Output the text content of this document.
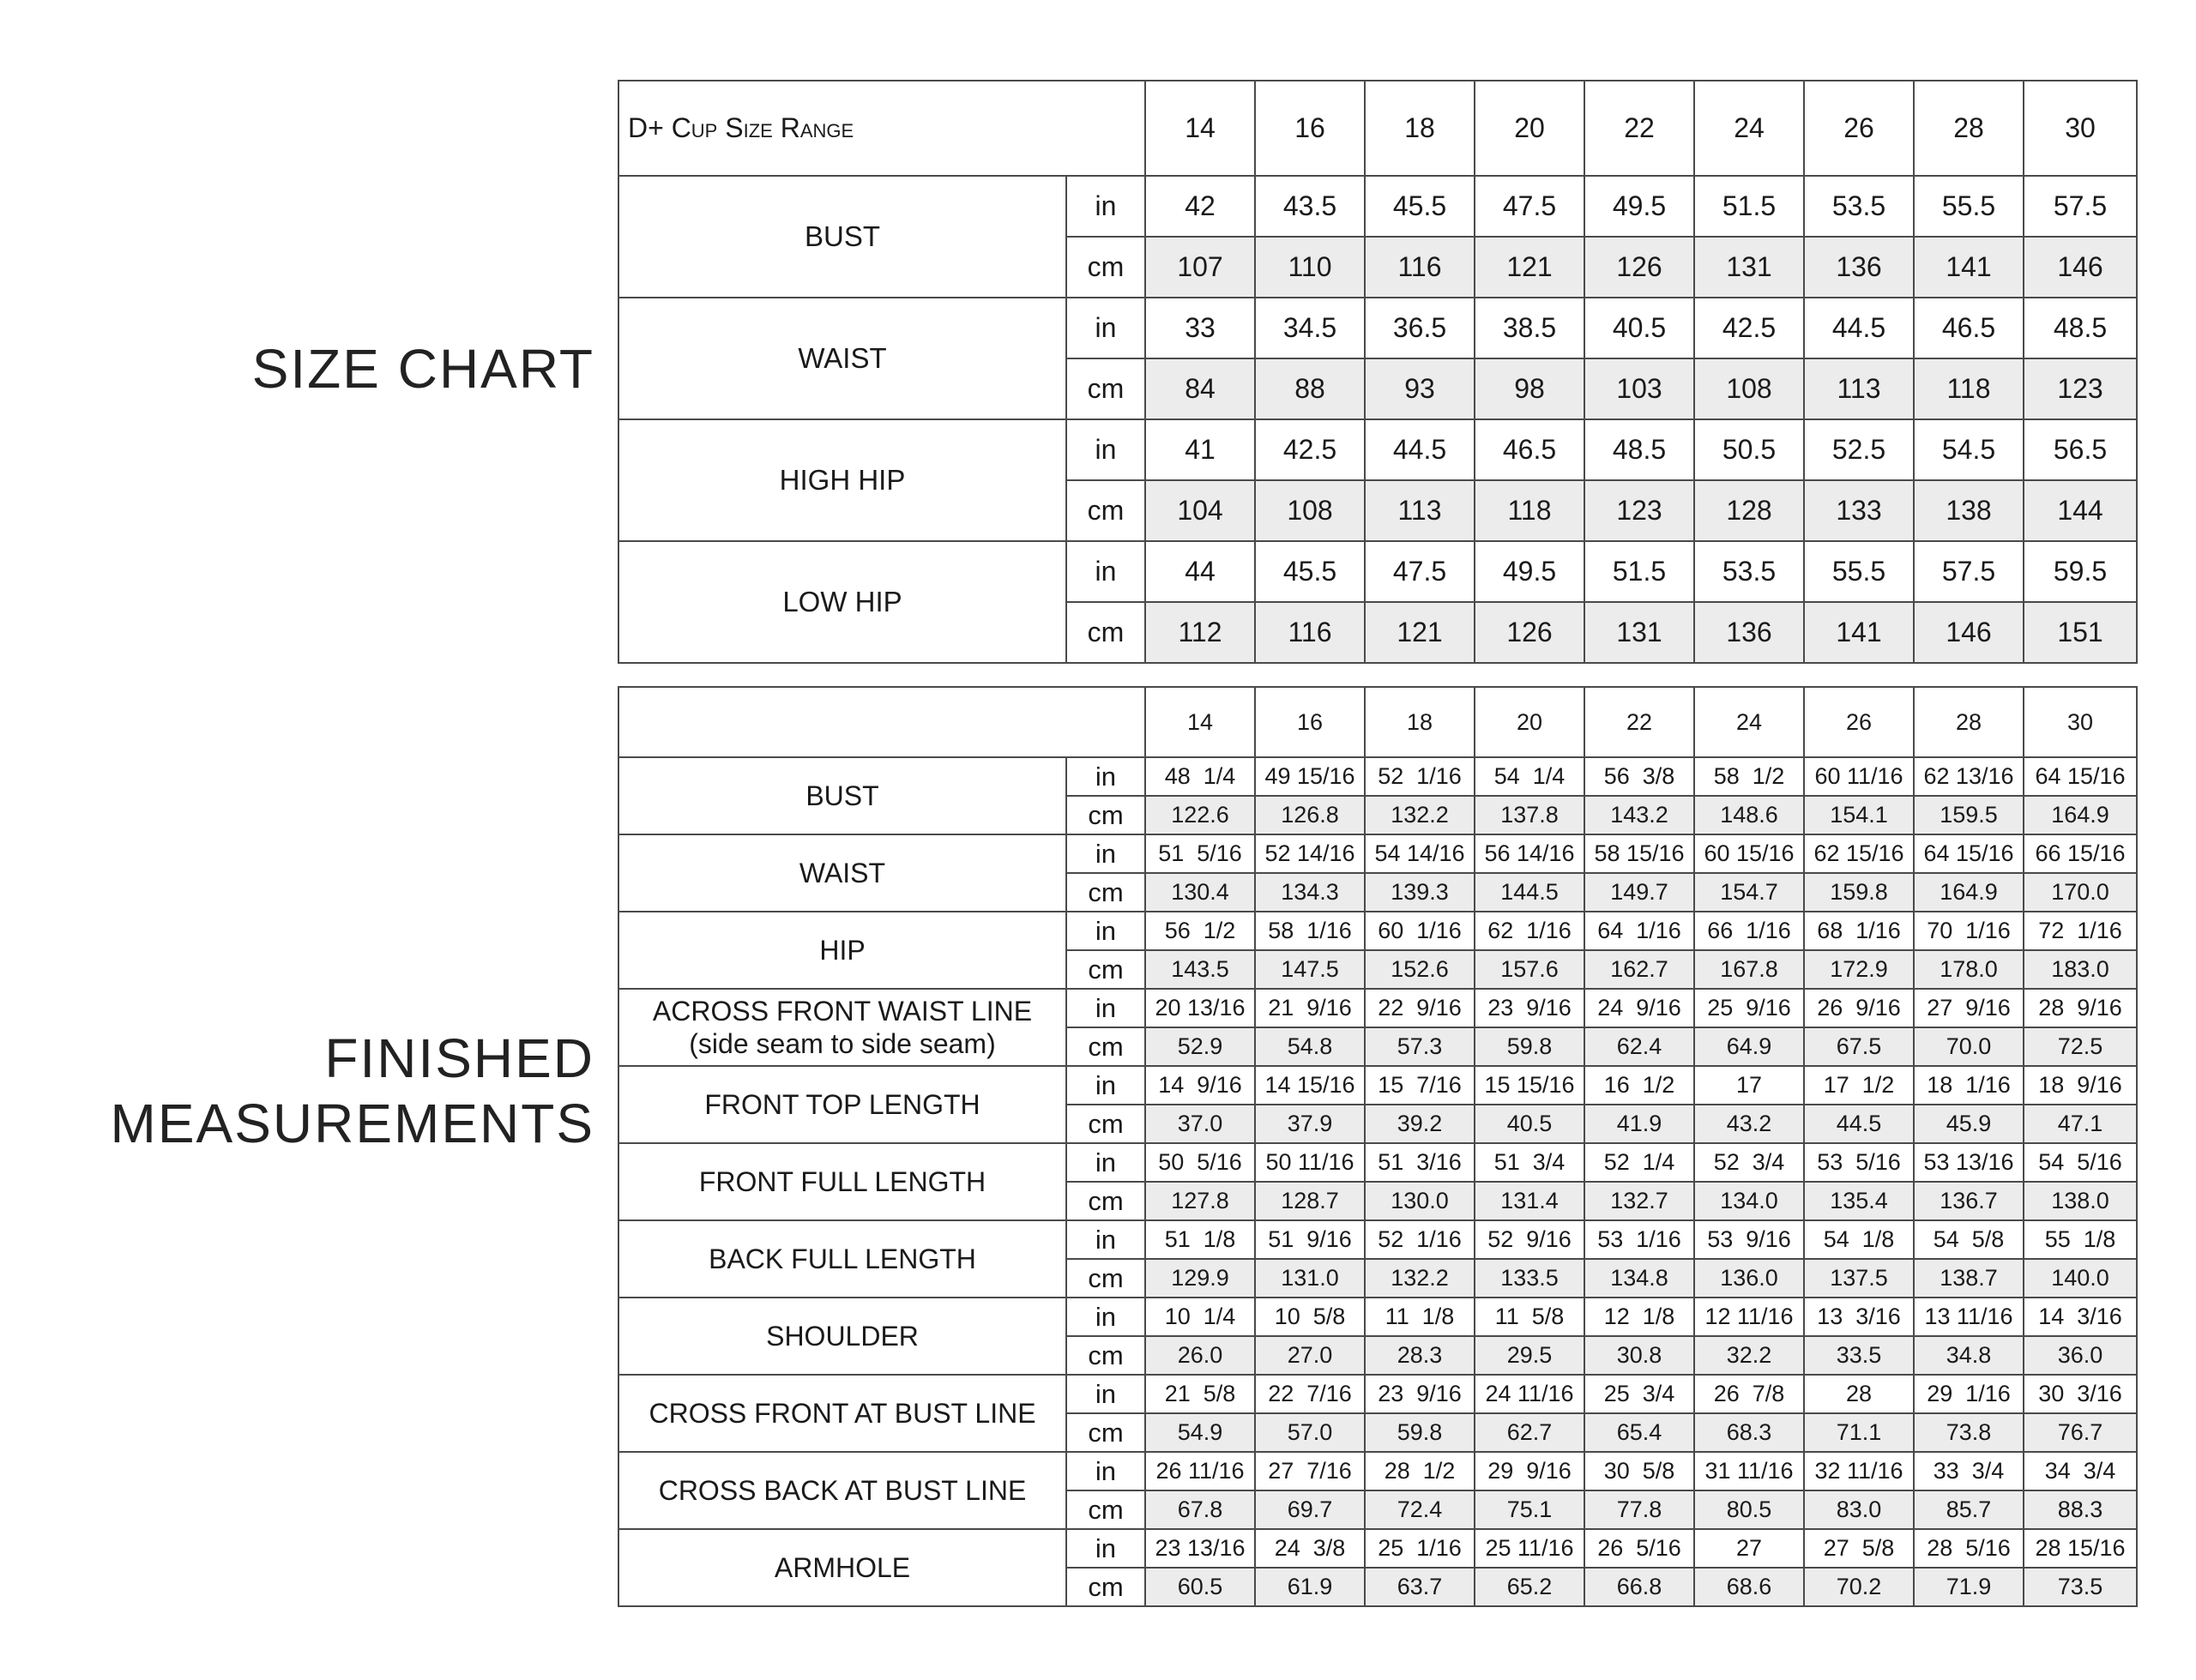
SIZE CHART
FINISHED
MEASUREMENTS
D+ Cup Size Range		14	16	18	20	22	24	26	28	30
BUST	in	42	43.5	45.5	47.5	49.5	51.5	53.5	55.5	57.5
	cm	107	110	116	121	126	131	136	141	146
WAIST	in	33	34.5	36.5	38.5	40.5	42.5	44.5	46.5	48.5
	cm	84	88	93	98	103	108	113	118	123
HIGH HIP	in	41	42.5	44.5	46.5	48.5	50.5	52.5	54.5	56.5
	cm	104	108	113	118	123	128	133	138	144
LOW HIP	in	44	45.5	47.5	49.5	51.5	53.5	55.5	57.5	59.5
	cm	112	116	121	126	131	136	141	146	151
		14	16	18	20	22	24	26	28	30
BUST	in	48  1/4	49 15/16	52  1/16	54  1/4	56  3/8	58  1/2	60 11/16	62 13/16	64 15/16
	cm	122.6	126.8	132.2	137.8	143.2	148.6	154.1	159.5	164.9
WAIST	in	51  5/16	52 14/16	54 14/16	56 14/16	58 15/16	60 15/16	62 15/16	64 15/16	66 15/16
	cm	130.4	134.3	139.3	144.5	149.7	154.7	159.8	164.9	170.0
HIP	in	56  1/2	58  1/16	60  1/16	62  1/16	64  1/16	66  1/16	68  1/16	70  1/16	72  1/16
	cm	143.5	147.5	152.6	157.6	162.7	167.8	172.9	178.0	183.0
ACROSS FRONT WAIST LINE
(side seam to side seam)	in	20 13/16	21  9/16	22  9/16	23  9/16	24  9/16	25  9/16	26  9/16	27  9/16	28  9/16
	cm	52.9	54.8	57.3	59.8	62.4	64.9	67.5	70.0	72.5
FRONT TOP LENGTH	in	14  9/16	14 15/16	15  7/16	15 15/16	16  1/2	17	17  1/2	18  1/16	18  9/16
	cm	37.0	37.9	39.2	40.5	41.9	43.2	44.5	45.9	47.1
FRONT FULL LENGTH	in	50  5/16	50 11/16	51  3/16	51  3/4	52  1/4	52  3/4	53  5/16	53 13/16	54  5/16
	cm	127.8	128.7	130.0	131.4	132.7	134.0	135.4	136.7	138.0
BACK FULL LENGTH	in	51  1/8	51  9/16	52  1/16	52  9/16	53  1/16	53  9/16	54  1/8	54  5/8	55  1/8
	cm	129.9	131.0	132.2	133.5	134.8	136.0	137.5	138.7	140.0
SHOULDER	in	10  1/4	10  5/8	11  1/8	11  5/8	12  1/8	12 11/16	13  3/16	13 11/16	14  3/16
	cm	26.0	27.0	28.3	29.5	30.8	32.2	33.5	34.8	36.0
CROSS FRONT AT BUST LINE	in	21  5/8	22  7/16	23  9/16	24 11/16	25  3/4	26  7/8	28	29  1/16	30  3/16
	cm	54.9	57.0	59.8	62.7	65.4	68.3	71.1	73.8	76.7
CROSS BACK AT BUST LINE	in	26 11/16	27  7/16	28  1/2	29  9/16	30  5/8	31 11/16	32 11/16	33  3/4	34  3/4
	cm	67.8	69.7	72.4	75.1	77.8	80.5	83.0	85.7	88.3
ARMHOLE	in	23 13/16	24  3/8	25  1/16	25 11/16	26  5/16	27	27  5/8	28  5/16	28 15/16
	cm	60.5	61.9	63.7	65.2	66.8	68.6	70.2	71.9	73.5
